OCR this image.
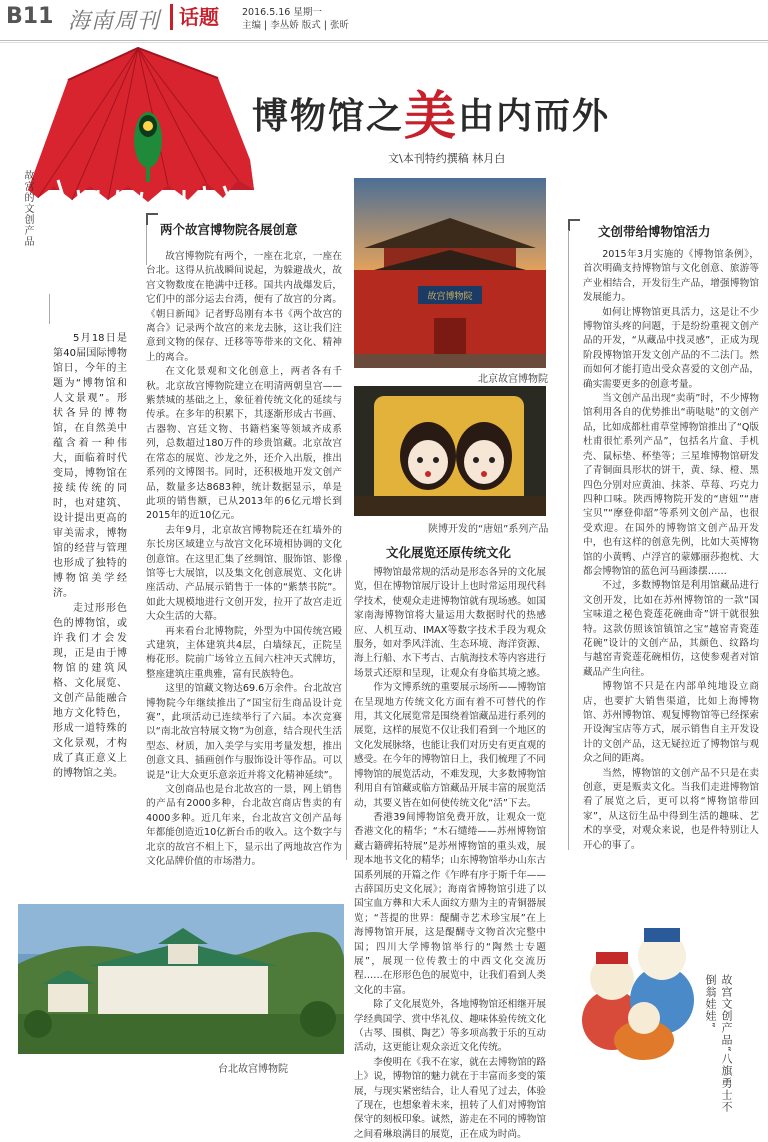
B11 海南周刊 话题 2016.5.16 星期一
主编 | 李丛娇 版式 | 张昕
故宫的文创产品
博物馆之美由内而外
文\本刊特约撰稿 林月白
两个故宫博物院各展创意

5月18日是第40届国际博物馆日，今年的主题为“博物馆和人文景观”。形状各异的博物馆，在自然美中蕴含着一种伟大，面临着时代变局，博物馆在接续传统的同时，也对建筑、设计提出更高的审美需求，博物馆的经营与管理也形成了独特的博物馆美学经济。

走过形形色色的博物馆，或许我们才会发现，正是由于博物馆的建筑风格、文化展览、文创产品能融合地方文化特色，形成一道特殊的文化景观，才构成了真正意义上的博物馆之美。

故宫博物院有两个，一座在北京，一座在台北。这得从抗战瞬间说起，为躲避战火，故宫文物数度在艳满中迁移。国共内战爆发后，它们中的部分运去台湾，便有了故宫的分离。《朝日新闻》记者野岛刚有本书《两个故宫的离合》记录两个故宫的来龙去脉，这让我们注意到文物的保存、迁移等等带来的文化、精神上的离合。

在文化景观和文化创意上，两者各有千秋。北京故宫博物院建立在明清两朝皇宫——紫禁城的基础之上，象征着传统文化的延续与传承。在多年的积累下，其逐渐形成古书画、古器物、宫廷文物、书籍档案等领域齐成系列，总数超过180万件的珍贵馆藏。北京故宫在常态的展览、沙龙之外，还介入出版，推出系列的文博图书。同时，还积极地开发文创产品，数量多达8683种，统计数据显示，单是此项的销售额，已从2013年的6亿元增长到2015年的近10亿元。

去年9月，北京故宫博物院还在红墙外的东长房区域建立与故宫文化环境相协调的文化创意馆。在这里汇集了丝绸馆、服饰馆、影像馆等七大展馆，以及集文化创意展览、文化讲座活动、产品展示销售于一体的“紫禁书院”。如此大规模地进行文创开发，拉开了故宫走近大众生活的大幕。

再来看台北博物院，外型为中国传统宫殿式建筑，主体建筑共4层，白墙绿瓦，正院呈梅花形。院前广场耸立五间六柱冲天式牌坊，整座建筑庄重典雅，富有民族特色。

这里的馆藏文物达69.6万余件。台北故宫博物院今年继续推出了“国宝衍生商品设计竞赛”，此项活动已连续举行了六届。本次竞赛以“南北故宫特展文物”为创意，结合现代生活型态、材质，加入美学与实用考量发想，推出创意文具、插画创作与服饰设计等作品。可以说是“让大众更乐意亲近并将文化精神延续”。

文创商品也是台北故宫的一景，网上销售的产品有2000多种，台北故宫商店售卖的有4000多种。近几年来，台北故宫文创产品每年都能创造近10亿新台币的收入。这个数字与北京的故宫不相上下，显示出了两地故宫作为文化品牌价值的市场潜力。

台北故宫博物院
故宫博物院
北京故宫博物院
陕博开发的“唐妞”系列产品
文化展览还原传统文化

博物馆最常规的活动是形态各异的文化展览，但在博物馆展厅设计上也时常运用现代科学技术，使观众走进博物馆就有现场感。如国家南海博物馆将大量运用大数据时代的热感应、人机互动、IMAX等数字技术手段为观众服务，如对季风洋流、生态环境、海洋资源、海上行船、水下考古、古航海技术等内容进行场景式还原和呈现，让观众有身临其境之感。

作为文博系统的重要展示场所——博物馆在呈现地方传统文化方面有着不可替代的作用，其文化展览常是围绕着馆藏品进行系列的展览，这样的展览不仅让我们看到一个地区的文化发展脉络，也能让我们对历史有更直观的感受。在今年的博物馆日上，我们梳理了不同博物馆的展览活动，不难发现，大多数博物馆利用自有馆藏或临方馆藏品开展丰富的展览活动，其要义皆在如何使传统文化“活”下去。

香港39间博物馆免费开放，让观众一览香港文化的精华；“木石缱绻——苏州博物馆藏古籍碑拓特展”是苏州博物馆的重头戏，展现本地书文化的精华；山东博物馆举办山东古国系列展的开篇之作《乍晔有序于斯千年——古薛国历史文化展》；海南省博物馆引进了以国宝血方彝和大禾人面纹方鼎为主的青铜器展览；“菩提的世界：醍醐寺艺术珍宝展”在上海博物馆开展，这是醍醐寺文物首次完整中国；四川大学博物馆举行的“陶然士专题展”，展现一位传教士的中西文化交流历程……在形形色色的展览中，让我们看到人类文化的丰富。

除了文化展览外，各地博物馆还相继开展学经典国学、赏中华礼仪、趣味体验传统文化（古琴、围棋、陶艺）等多项高教于乐的互动活动，这更能让观众亲近文化传统。

李俊明在《我不在家，就在去博物馆的路上》说，博物馆的魅力就在于丰富而多变的策展，与现实紧密结合，让人看见了过去，体验了现在，也想象着未来，扭转了人们对博物馆保守的刻板印象。诚然，游走在不同的博物馆之间看琳琅满目的展览，正在成为时尚。

文创带给博物馆活力

2015年3月实施的《博物馆条例》，首次明确支持博物馆与文化创意、旅游等产业相结合，开发衍生产品，增强博物馆发展能力。

如何让博物馆更具活力，这是让不少博物馆头疼的问题，于是纷纷重视文创产品的开发，“从藏品中找灵感”，正成为现阶段博物馆开发文创产品的不二法门。然而如何才能打造出受众喜爱的文创产品，确实需要更多的创意考量。

当文创产品出现“卖萌”时，不少博物馆利用各自的优势推出“萌哒哒”的文创产品，比如成都杜甫草堂博物馆推出了“Q版杜甫很忙系列产品”，包括名片盒、手机壳、鼠标垫、杯垫等；三星堆博物馆研发了青铜面具形状的饼干，黄、绿、橙、黑四色分别对应黄油、抹茶、草莓、巧克力四种口味。陕西博物院开发的“唐妞”“唐宝贝”“摩登仰韶”等系列文创产品，也很受欢迎。在国外的博物馆文创产品开发中，也有这样的创意先例，比如大英博物馆的小黄鸭、卢浮宫的蒙娜丽莎抱枕、大都会博物馆的蓝色河马画漆摆……

不过，多数博物馆是利用馆藏品进行文创开发，比如在苏州博物馆的一款“国宝味道之秘色瓷莲花碗曲奇”饼干就很独特。这款仿照该馆镇馆之宝“越窑青瓷莲花碗”设计的文创产品，其颜色、纹路均与越窑青瓷莲花碗相仿，这使参观者对馆藏品产生向往。

博物馆不只是在内部单纯地设立商店，也要扩大销售渠道，比如上海博物馆、苏州博物馆、观复博物馆等已经探索开设淘宝店等方式，展示销售自主开发设计的文创产品，这无疑拉近了博物馆与观众之间的距离。

当然，博物馆的文创产品不只是在卖创意，更是贩卖文化。当我们走进博物馆看了展览之后，更可以将“博物馆带回家”，从这衍生品中得到生活的趣味、艺术的享受，对观众来说，也是件特别让人开心的事了。

故宫文创产品“八旗勇士不倒翁娃娃”
